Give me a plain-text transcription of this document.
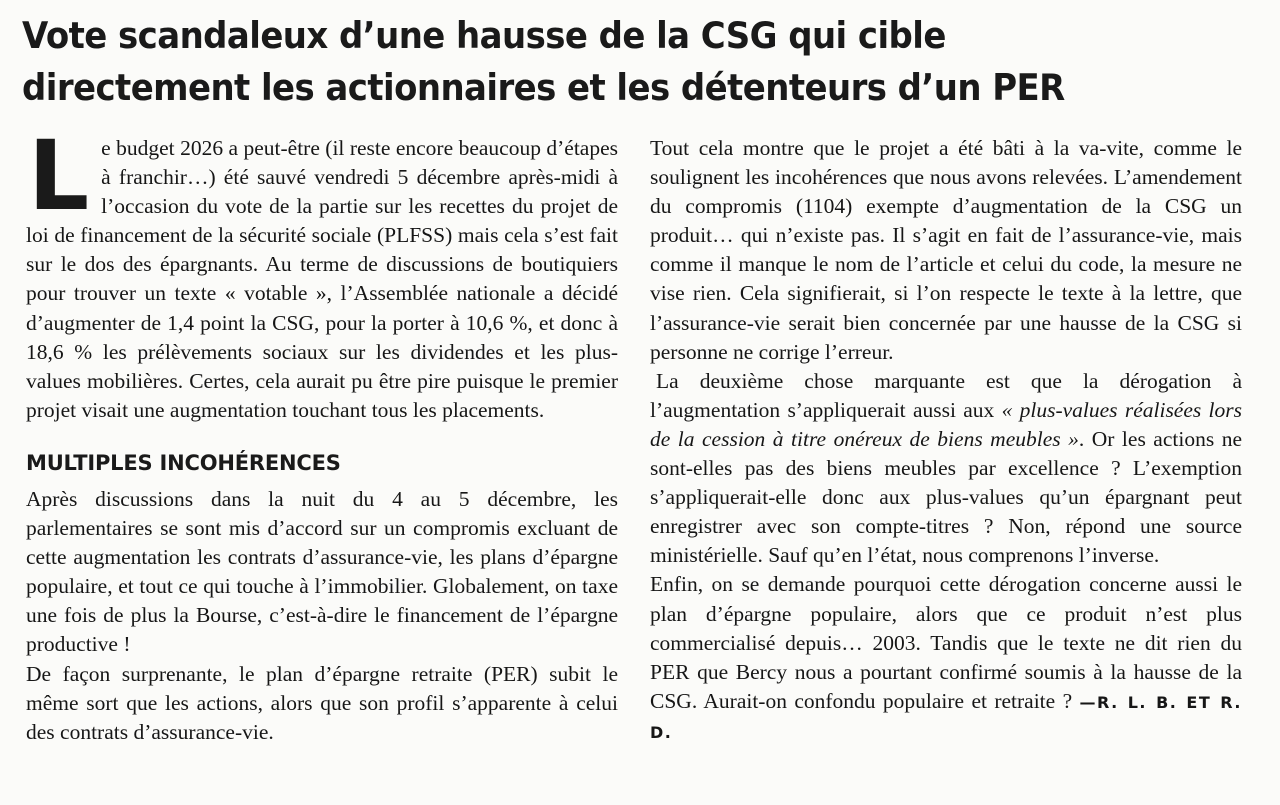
Vote scandaleux d’une hausse de la CSG qui cible
directement les actionnaires et les détenteurs d’un PER

Le budget 2026 a peut-être (il reste encore beaucoup d’étapes à franchir…) été sauvé vendredi 5 décembre après-midi à l’occasion du vote de la partie sur les recettes du projet de loi de financement de la sécurité sociale (PLFSS) mais cela s’est fait sur le dos des épargnants. Au terme de discussions de boutiquiers pour trouver un texte « votable », l’Assemblée nationale a décidé d’augmenter de 1,4 point la CSG, pour la porter à 10,6 %, et donc à 18,6 % les prélèvements sociaux sur les dividendes et les plus-values mobilières. Certes, cela aurait pu être pire puisque le premier projet visait une augmentation touchant tous les placements.

MULTIPLES INCOHÉRENCES

Après discussions dans la nuit du 4 au 5 décembre, les parlementaires se sont mis d’accord sur un compromis excluant de cette augmentation les contrats d’assurance-vie, les plans d’épargne populaire, et tout ce qui touche à l’immobilier. Globalement, on taxe une fois de plus la Bourse, c’est-à-dire le financement de l’épargne productive !

De façon surprenante, le plan d’épargne retraite (PER) subit le même sort que les actions, alors que son profil s’apparente à celui des contrats d’assurance-vie.

Tout cela montre que le projet a été bâti à la va-vite, comme le soulignent les incohérences que nous avons relevées. L’amendement du compromis (1104) exempte d’augmentation de la CSG un produit… qui n’existe pas. Il s’agit en fait de l’assurance-vie, mais comme il manque le nom de l’article et celui du code, la mesure ne vise rien. Cela signifierait, si l’on respecte le texte à la lettre, que l’assurance-vie serait bien concernée par une hausse de la CSG si personne ne corrige l’erreur.

La deuxième chose marquante est que la dérogation à l’augmentation s’appliquerait aussi aux « plus-values réalisées lors de la cession à titre onéreux de biens meubles ». Or les actions ne sont-elles pas des biens meubles par excellence ? L’exemption s’appliquerait-elle donc aux plus-values qu’un épargnant peut enregistrer avec son compte-titres ? Non, répond une source ministérielle. Sauf qu’en l’état, nous comprenons l’inverse.

Enfin, on se demande pourquoi cette dérogation concerne aussi le plan d’épargne populaire, alors que ce produit n’est plus commercialisé depuis… 2003. Tandis que le texte ne dit rien du PER que Bercy nous a pourtant confirmé soumis à la hausse de la CSG. Aurait-on confondu populaire et retraite ? —R. L. B. ET R. D.
